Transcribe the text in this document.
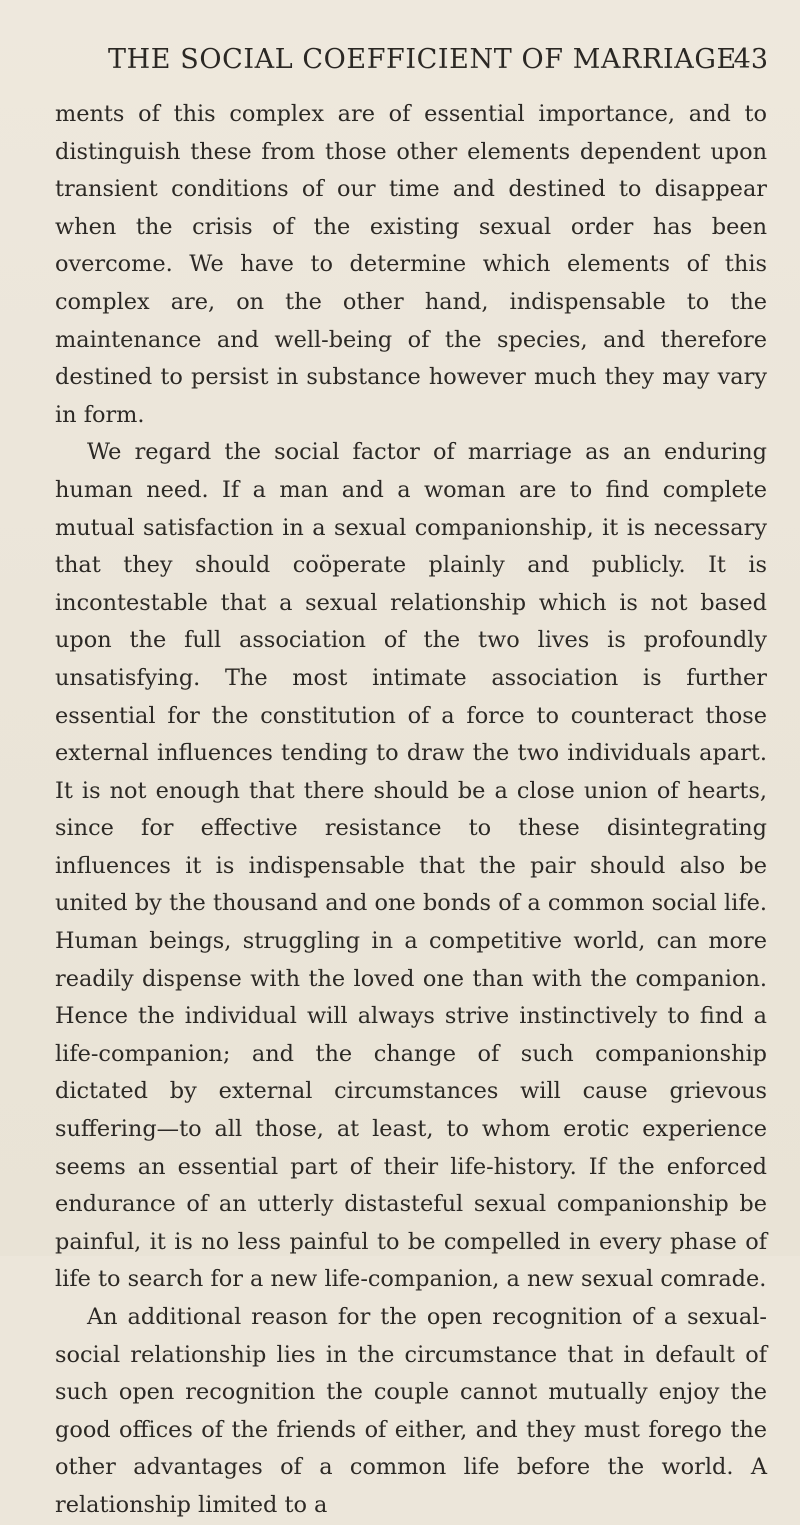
THE SOCIAL COEFFICIENT OF MARRIAGE
43

ments of this complex are of essential importance, and to distinguish these from those other elements dependent upon transient conditions of our time and destined to disappear when the crisis of the existing sexual order has been overcome. We have to determine which elements of this complex are, on the other hand, indispensable to the maintenance and well-being of the species, and therefore destined to persist in substance however much they may vary in form.

We regard the social factor of marriage as an enduring human need. If a man and a woman are to find complete mutual satisfaction in a sexual companionship, it is necessary that they should coöperate plainly and publicly. It is incontestable that a sexual relationship which is not based upon the full association of the two lives is profoundly unsatisfying. The most intimate association is further essential for the constitution of a force to counteract those external influences tending to draw the two individuals apart. It is not enough that there should be a close union of hearts, since for effective resistance to these disintegrating influences it is indispensable that the pair should also be united by the thousand and one bonds of a common social life. Human beings, struggling in a competitive world, can more readily dispense with the loved one than with the companion. Hence the individual will always strive instinctively to find a life-companion; and the change of such companionship dictated by external circumstances will cause grievous suffering—to all those, at least, to whom erotic experience seems an essential part of their life-history. If the enforced endurance of an utterly distasteful sexual companionship be painful, it is no less painful to be compelled in every phase of life to search for a new life-companion, a new sexual comrade.

An additional reason for the open recognition of a sexual-social relationship lies in the circumstance that in default of such open recognition the couple cannot mutually enjoy the good offices of the friends of either, and they must forego the other advantages of a common life before the world. A relationship limited to a
